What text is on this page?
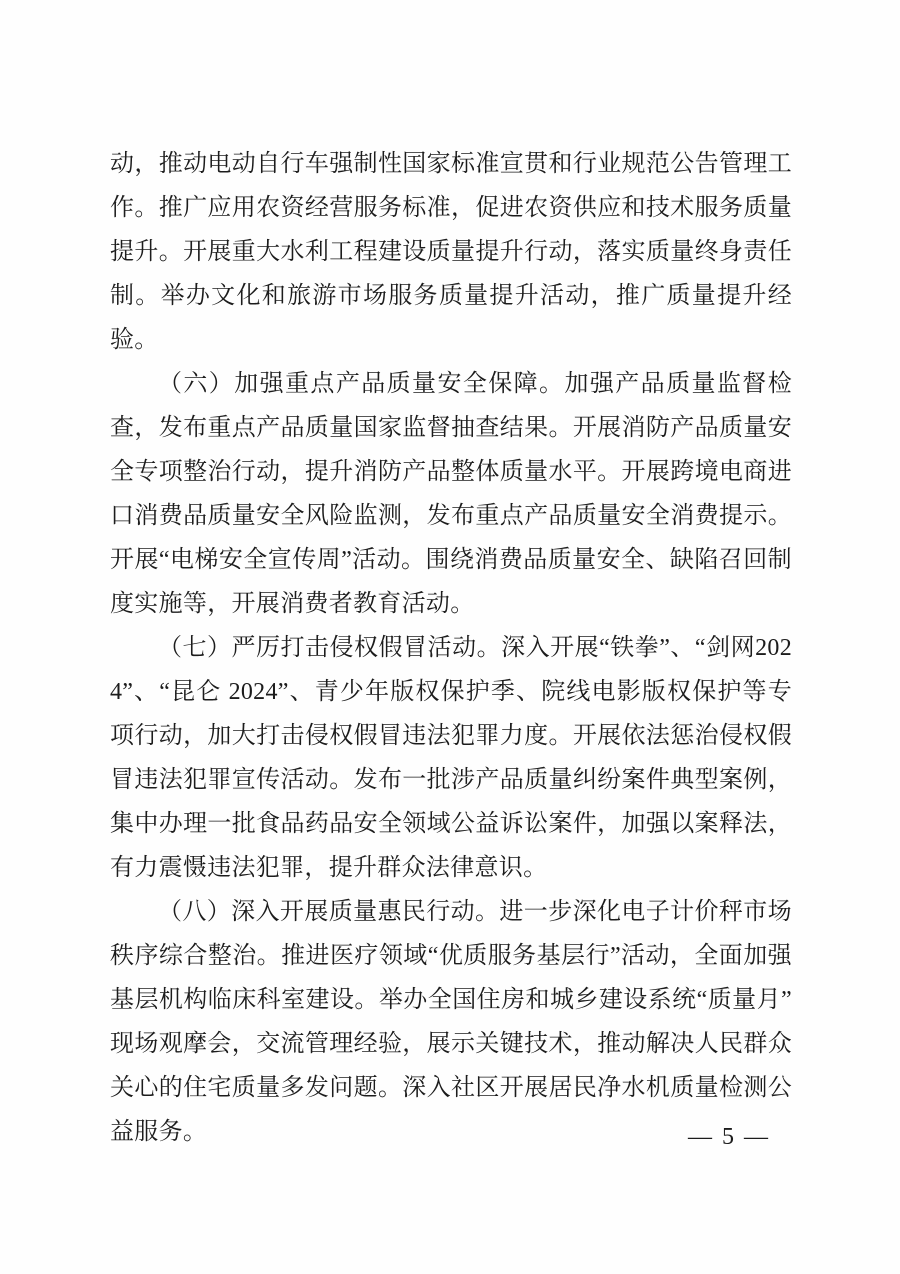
动，推动电动自行车强制性国家标准宣贯和行业规范公告管理工作。推广应用农资经营服务标准，促进农资供应和技术服务质量提升。开展重大水利工程建设质量提升行动，落实质量终身责任制。举办文化和旅游市场服务质量提升活动，推广质量提升经验。

（六）加强重点产品质量安全保障。加强产品质量监督检查，发布重点产品质量国家监督抽查结果。开展消防产品质量安全专项整治行动，提升消防产品整体质量水平。开展跨境电商进口消费品质量安全风险监测，发布重点产品质量安全消费提示。开展“电梯安全宣传周”活动。围绕消费品质量安全、缺陷召回制度实施等，开展消费者教育活动。

（七）严厉打击侵权假冒活动。深入开展“铁拳”、“剑网2024”、“昆仑 2024”、青少年版权保护季、院线电影版权保护等专项行动，加大打击侵权假冒违法犯罪力度。开展依法惩治侵权假冒违法犯罪宣传活动。发布一批涉产品质量纠纷案件典型案例，集中办理一批食品药品安全领域公益诉讼案件，加强以案释法，有力震慑违法犯罪，提升群众法律意识。

（八）深入开展质量惠民行动。进一步深化电子计价秤市场秩序综合整治。推进医疗领域“优质服务基层行”活动，全面加强基层机构临床科室建设。举办全国住房和城乡建设系统“质量月”现场观摩会，交流管理经验，展示关键技术，推动解决人民群众关心的住宅质量多发问题。深入社区开展居民净水机质量检测公益服务。	— 5 —
